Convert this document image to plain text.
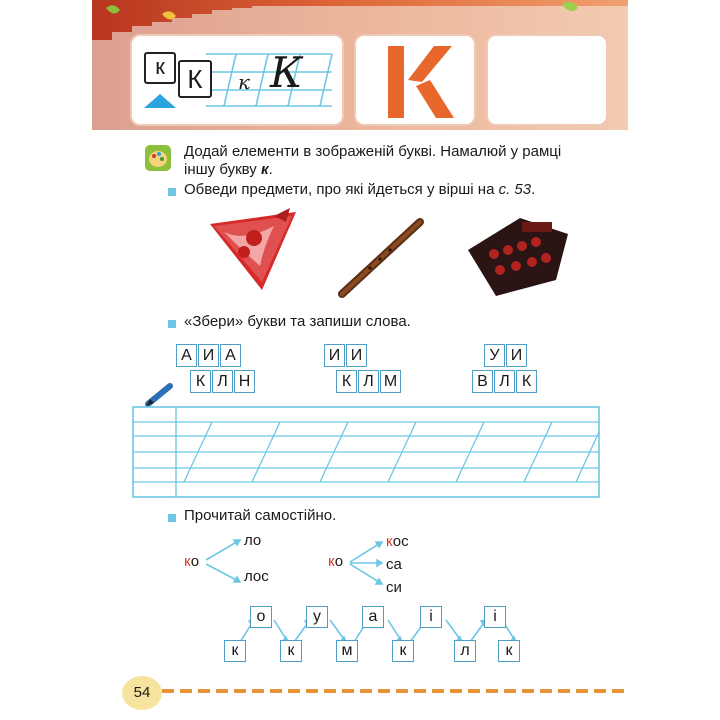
к К	к К
Додай елементи в зображеній букві. Намалюй у рамці
іншу букву к.
Обведи предмети, про які йдеться у вірші на с. 53.
«Збери» букви та запиши слова.
А И А
К Л Н
И И
К Л М
У И
В Л К
Прочитай самостійно.
ко
ло
лос
ко
кос
са
си
о	у	а	і	і
к	к	м	к	л	к
54
